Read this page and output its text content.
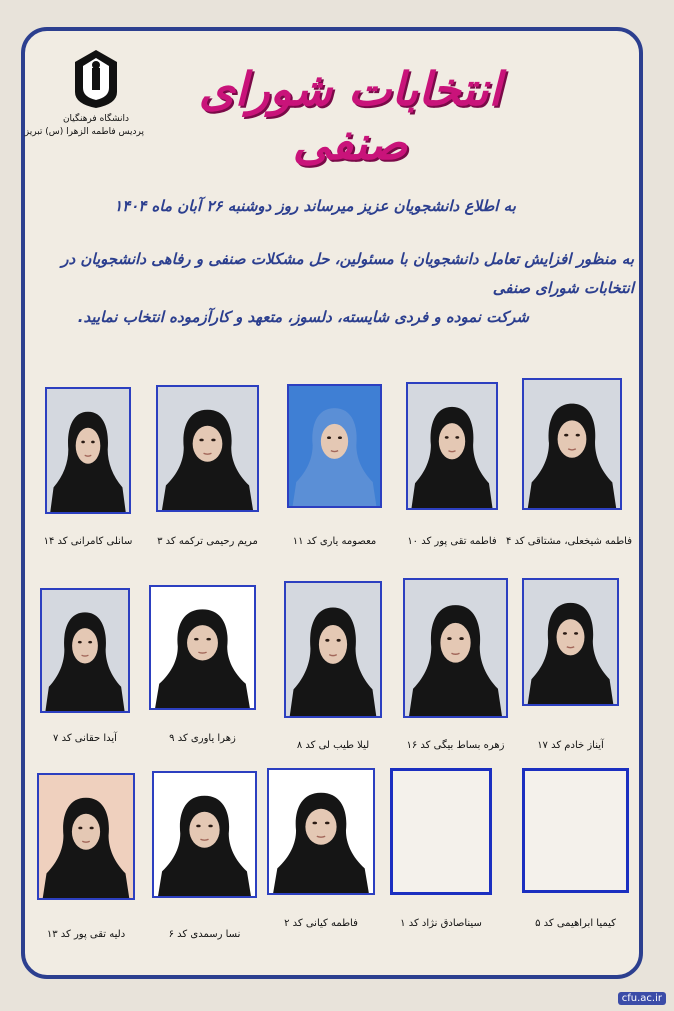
دانشگاه فرهنگیان
پردیس فاطمه الزهرا (س) تبریز
انتخابات شورای صنفی
به اطلاع دانشجویان عزیز میرساند روز دوشنبه ۲۶ آبان ماه ۱۴۰۴
به منظور افزایش تعامل دانشجویان با مسئولین، حل مشکلات صنفی و رفاهی دانشجویان در انتخابات شورای صنفی

شرکت نموده و فردی شایسته، دلسوز، متعهد و کارآزموده انتخاب نمایید.
فاطمه شیخعلی، مشتاقی کد ۴
فاطمه تقی پور کد ۱۰
معصومه یاری کد ۱۱
مریم رحیمی ترکمه کد ۳
سانلی کامرانی کد ۱۴
آیناز خادم کد ۱۷
زهره بساط بیگی کد ۱۶
لیلا طیب لی کد ۸
زهرا یاوری کد ۹
آیدا حقانی کد ۷
کیمیا ابراهیمی کد ۵
سیناصادق نژاد کد ۱
فاطمه کیانی کد ۲
نسا رسمدی کد ۶
دلیه تقی پور کد ۱۳
cfu.ac.ir
